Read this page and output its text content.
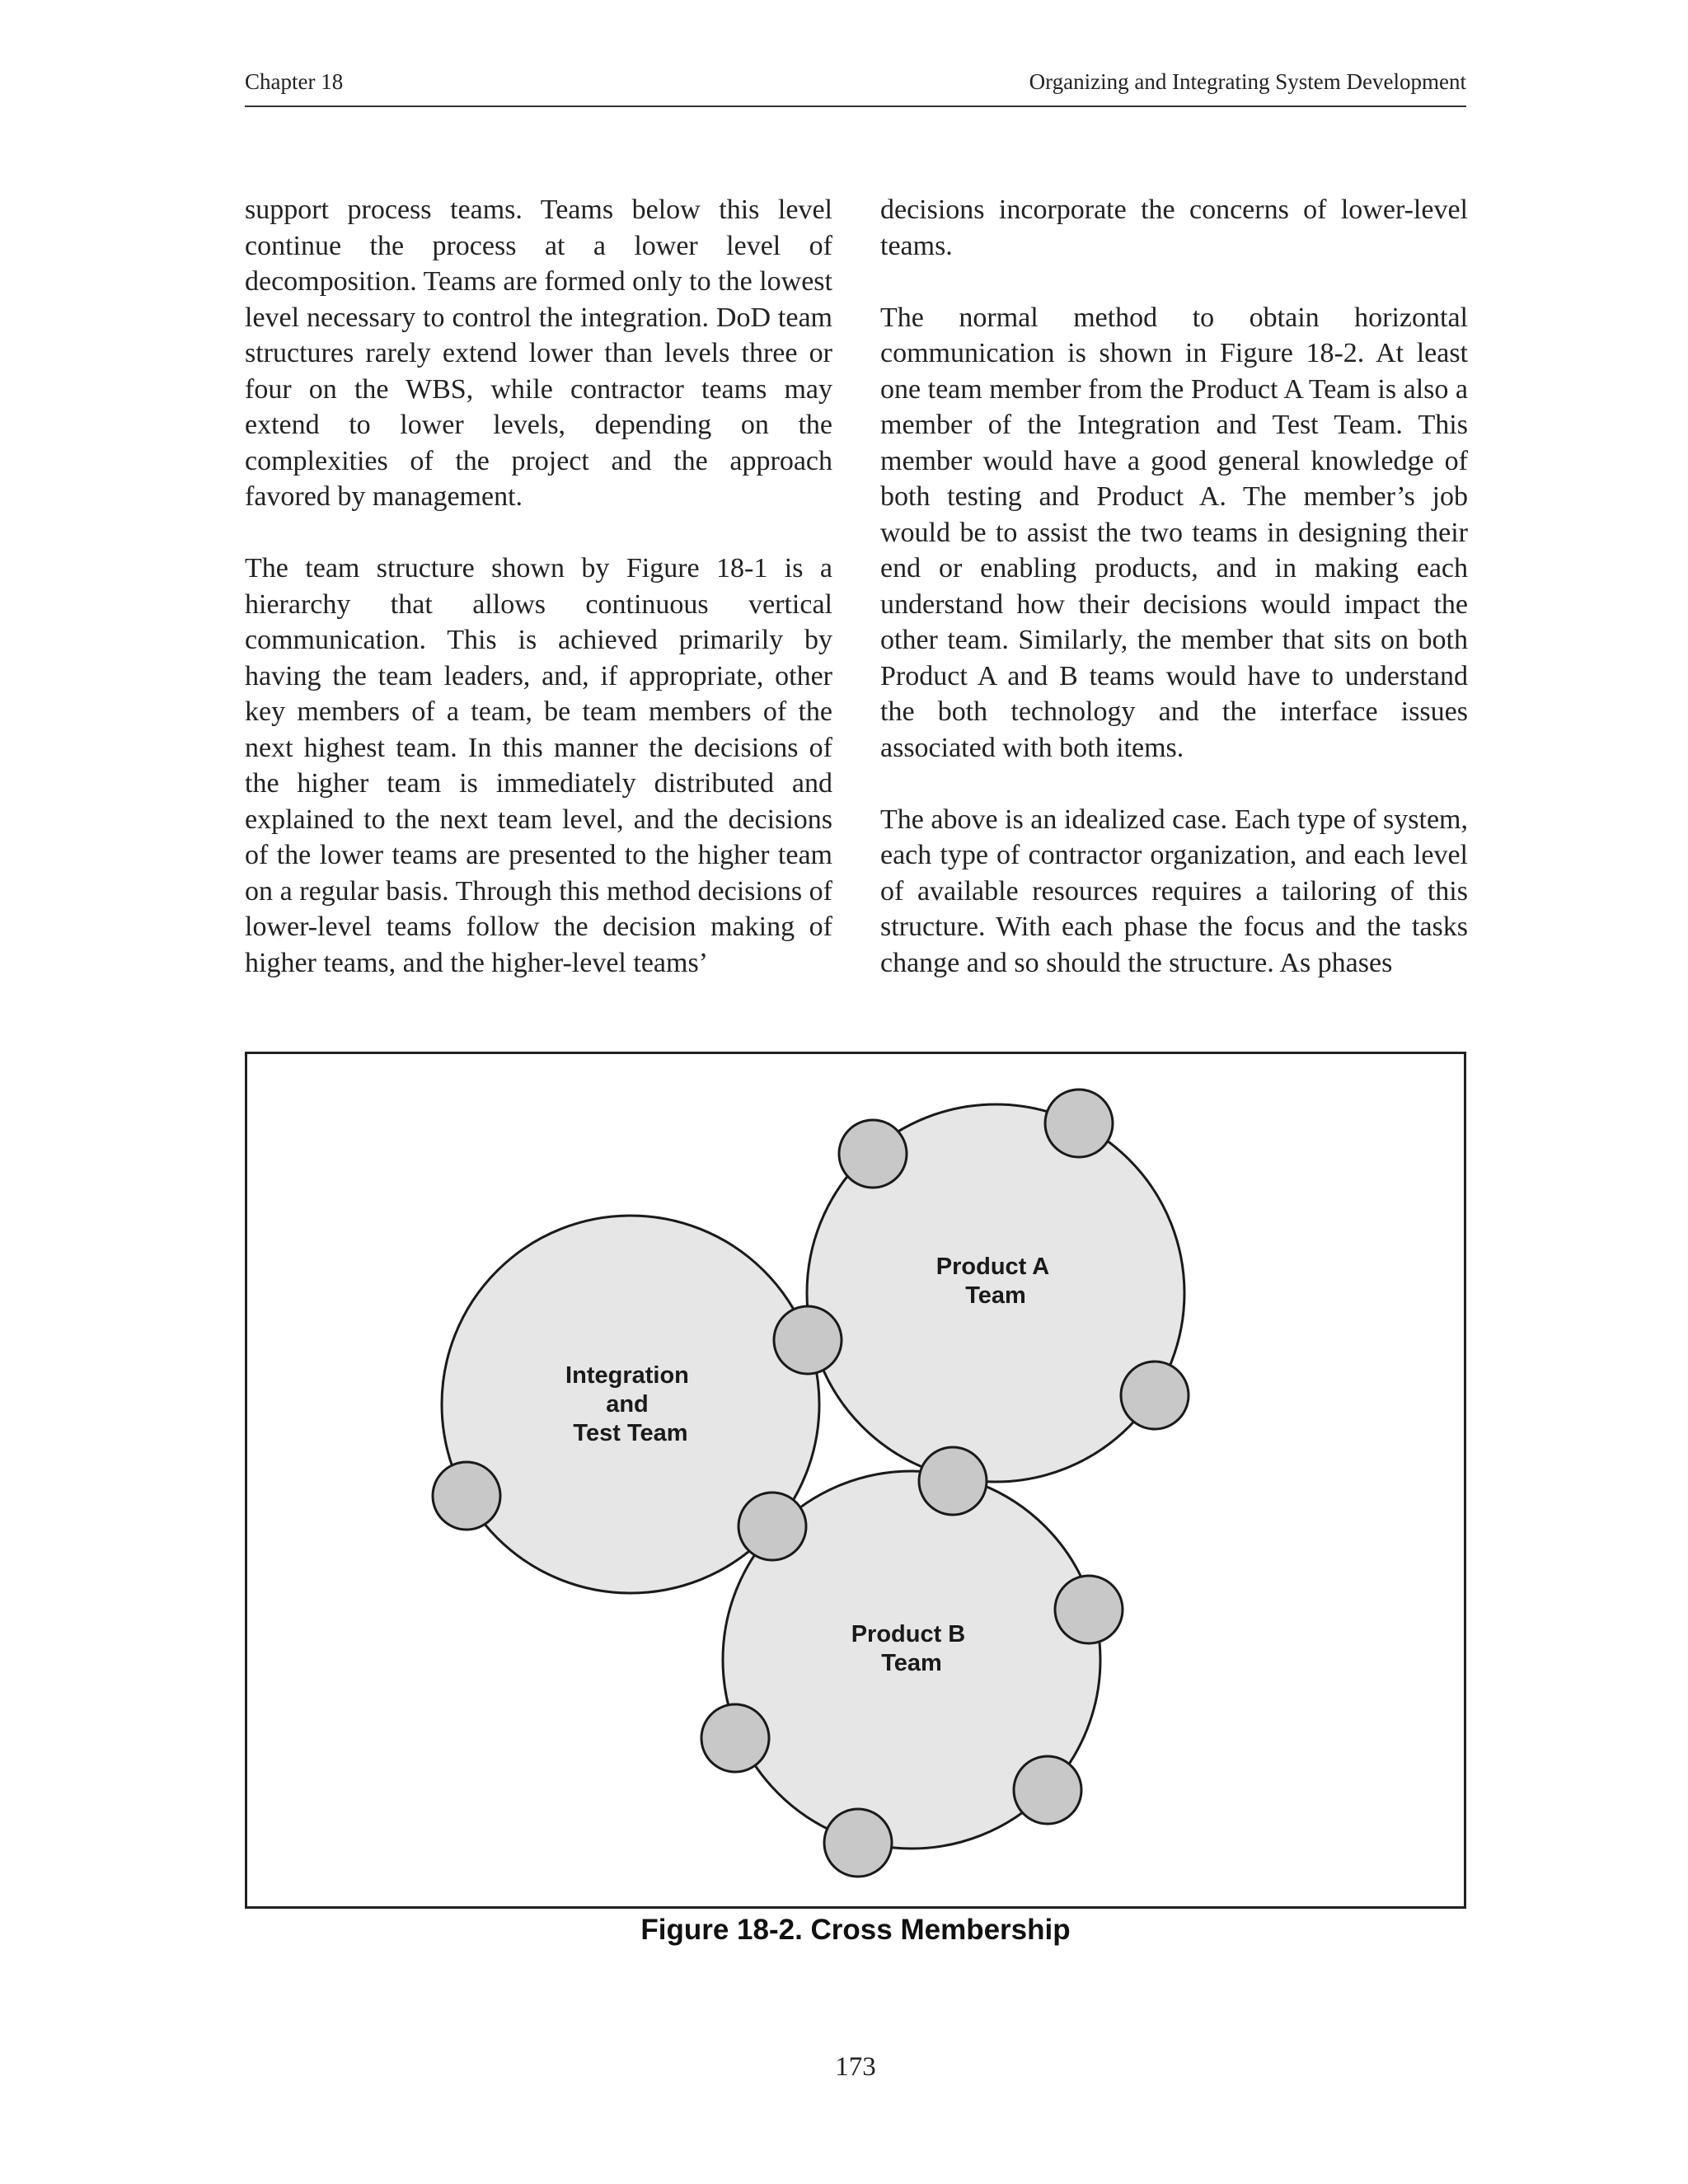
Chapter 18	Organizing and Integrating System Development

support process teams. Teams below this level continue the process at a lower level of decomposition. Teams are formed only to the lowest level necessary to control the integration. DoD team structures rarely extend lower than levels three or four on the WBS, while contractor teams may extend to lower levels, depending on the complexities of the project and the approach favored by management.

The team structure shown by Figure 18-1 is a hierarchy that allows continuous vertical communication. This is achieved primarily by having the team leaders, and, if appropriate, other key members of a team, be team members of the next highest team. In this manner the decisions of the higher team is immediately distributed and explained to the next team level, and the decisions of the lower teams are presented to the higher team on a regular basis. Through this method decisions of lower-level teams follow the decision making of higher teams, and the higher-level teams’

decisions incorporate the concerns of lower-level teams.

The normal method to obtain horizontal communication is shown in Figure 18-2. At least one team member from the Product A Team is also a member of the Integration and Test Team. This member would have a good general knowledge of both testing and Product A. The member’s job would be to assist the two teams in designing their end or enabling products, and in making each understand how their decisions would impact the other team. Similarly, the member that sits on both Product A and B teams would have to understand the both technology and the interface issues associated with both items.

The above is an idealized case. Each type of system, each type of contractor organization, and each level of available resources requires a tailoring of this structure. With each phase the focus and the tasks change and so should the structure. As phases

Integration and Test Team
Product A Team
Product B Team
Figure 18-2. Cross Membership
173
